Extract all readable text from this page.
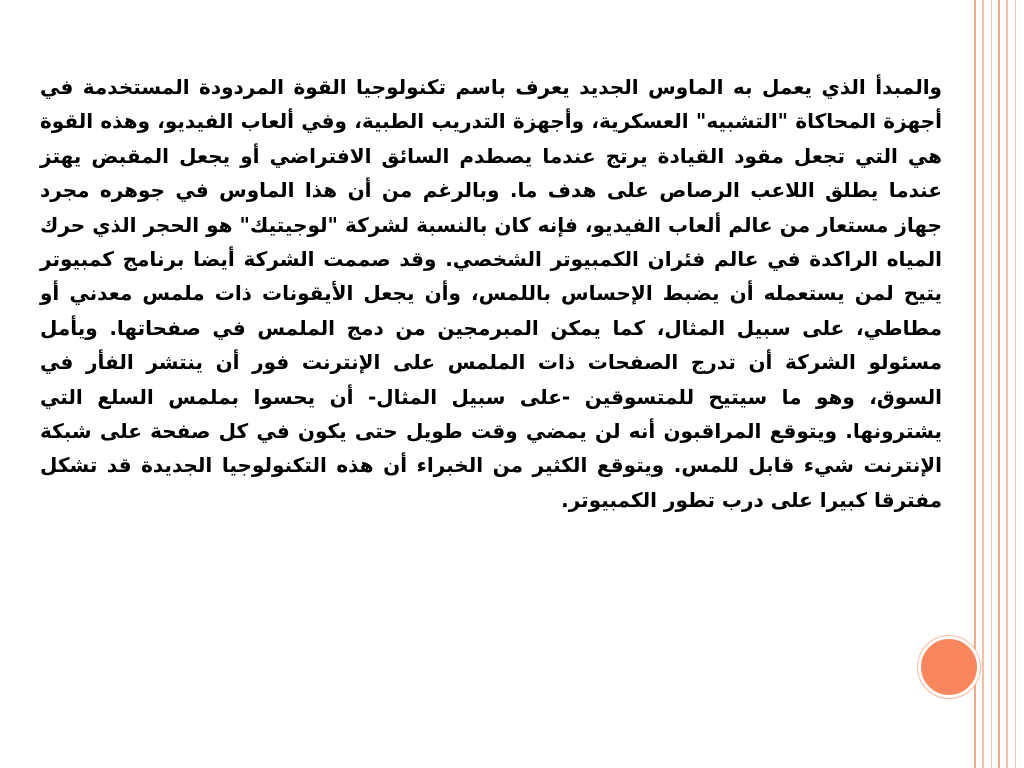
والمبدأ الذي يعمل به الماوس الجديد يعرف باسم تكنولوجيا القوة المردودة المستخدمة في أجهزة المحاكاة "التشبيه" العسكرية، وأجهزة التدريب الطبية، وفي ألعاب الفيديو، وهذه القوة هي التي تجعل مقود القيادة يرتج عندما يصطدم السائق الافتراضي أو يجعل المقبض يهتز عندما يطلق اللاعب الرصاص على هدف ما. وبالرغم من أن هذا الماوس في جوهره مجرد جهاز مستعار من عالم ألعاب الفيديو، فإنه كان بالنسبة لشركة "لوجيتيك" هو الحجر الذي حرك المياه الراكدة في عالم فئران الكمبيوتر الشخصي. وقد صممت الشركة أيضا برنامج كمبيوتر يتيح لمن يستعمله أن يضبط الإحساس باللمس، وأن يجعل الأيقونات ذات ملمس معدني أو مطاطي، على سبيل المثال، كما يمكن المبرمجين من دمج الملمس في صفحاتها. ويأمل مسئولو الشركة أن تدرج الصفحات ذات الملمس على الإنترنت فور أن ينتشر الفأر في السوق، وهو ما سيتيح للمتسوقين -على سبيل المثال- أن يحسوا بملمس السلع التي يشترونها. ويتوقع المراقبون أنه لن يمضي وقت طويل حتى يكون في كل صفحة على شبكة الإنترنت شيء قابل للمس. ويتوقع الكثير من الخبراء أن هذه التكنولوجيا الجديدة قد تشكل مفترقا كبيرا على درب تطور الكمبيوتر.
